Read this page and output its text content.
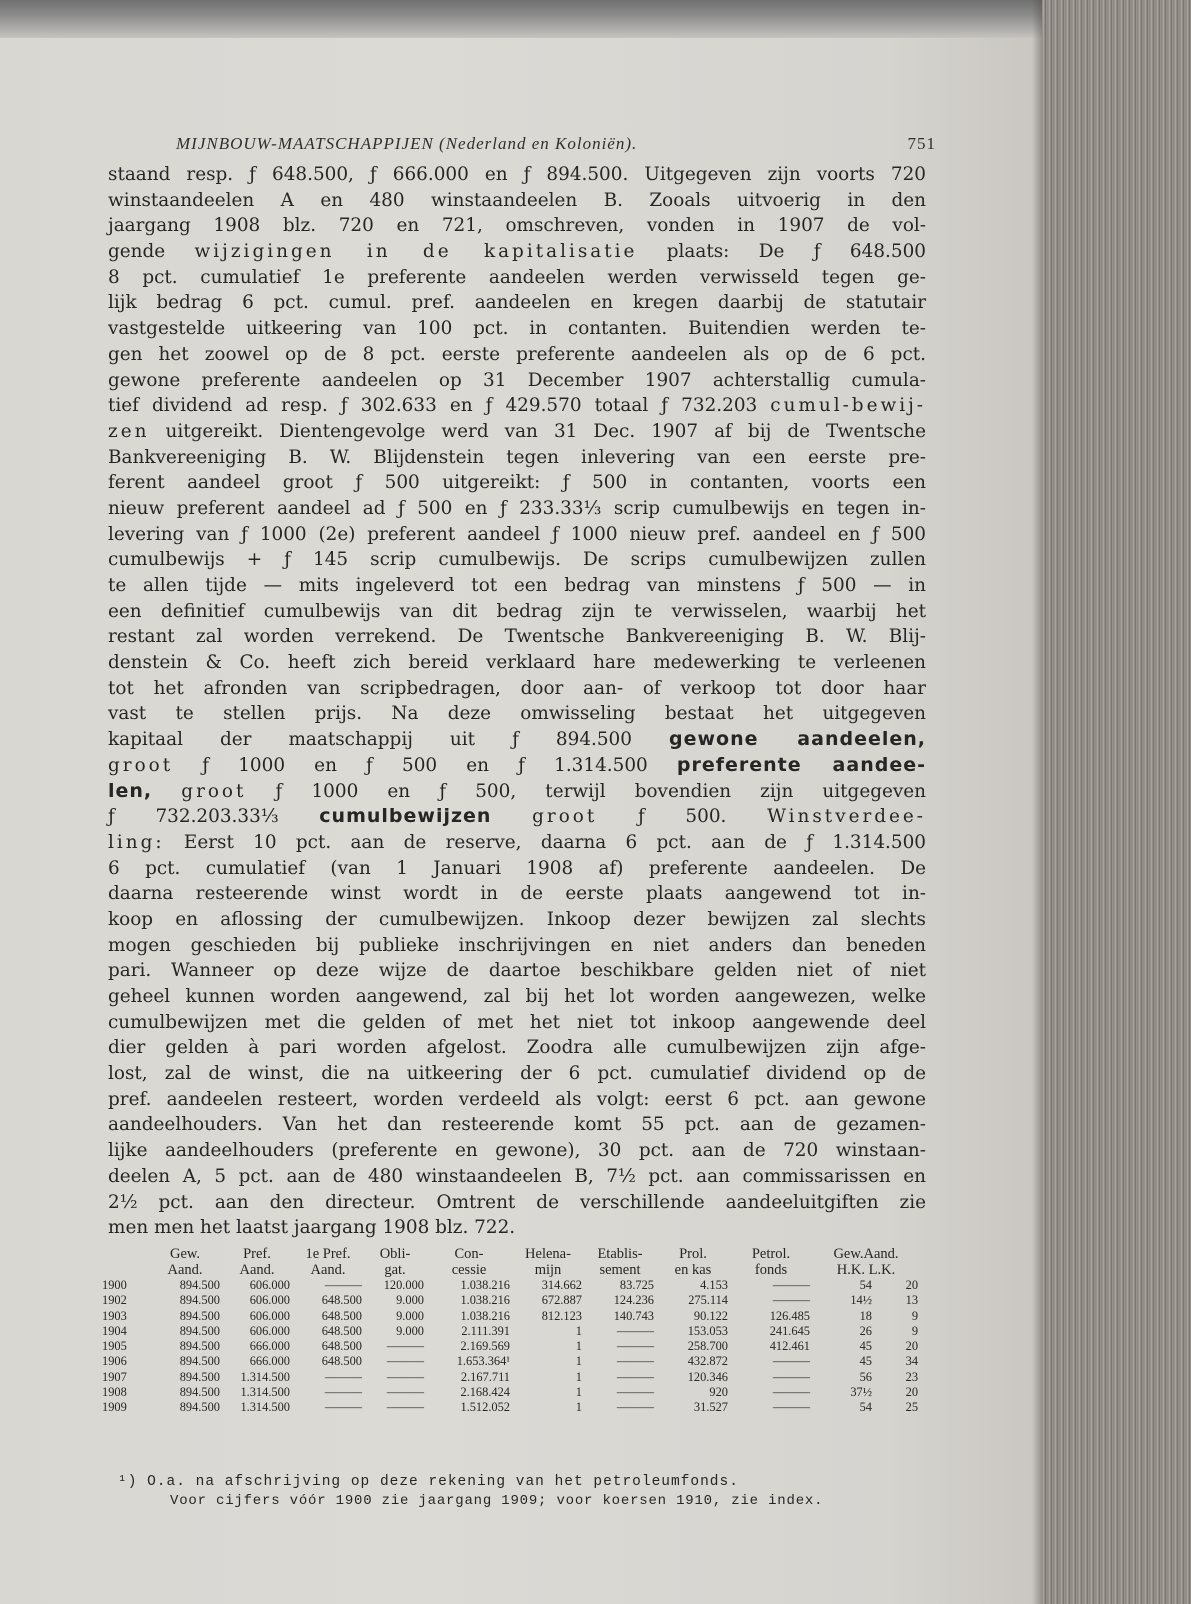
MIJNBOUW-MAATSCHAPPIJEN (Nederland en Koloniën).	751
staand resp. ƒ 648.500, ƒ 666.000 en ƒ 894.500. Uitgegeven zijn voorts 720
winstaandeelen A en 480 winstaandeelen B. Zooals uitvoerig in den
jaargang 1908 blz. 720 en 721, omschreven, vonden in 1907 de vol-
gende wijzigingen in de kapitalisatie plaats: De ƒ 648.500
8 pct. cumulatief 1e preferente aandeelen werden verwisseld tegen ge-
lijk bedrag 6 pct. cumul. pref. aandeelen en kregen daarbij de statutair
vastgestelde uitkeering van 100 pct. in contanten. Buitendien werden te-
gen het zoowel op de 8 pct. eerste preferente aandeelen als op de 6 pct.
gewone preferente aandeelen op 31 December 1907 achterstallig cumula-
tief dividend ad resp. ƒ 302.633 en ƒ 429.570 totaal ƒ 732.203 cumul-bewij-
zen uitgereikt. Dientengevolge werd van 31 Dec. 1907 af bij de Twentsche
Bankvereeniging B. W. Blijdenstein tegen inlevering van een eerste pre-
ferent aandeel groot ƒ 500 uitgereikt: ƒ 500 in contanten, voorts een
nieuw preferent aandeel ad ƒ 500 en ƒ 233.33⅓ scrip cumulbewijs en tegen in-
levering van ƒ 1000 (2e) preferent aandeel ƒ 1000 nieuw pref. aandeel en ƒ 500
cumulbewijs + ƒ 145 scrip cumulbewijs. De scrips cumulbewijzen zullen
te allen tijde — mits ingeleverd tot een bedrag van minstens ƒ 500 — in
een definitief cumulbewijs van dit bedrag zijn te verwisselen, waarbij het
restant zal worden verrekend. De Twentsche Bankvereeniging B. W. Blij-
denstein & Co. heeft zich bereid verklaard hare medewerking te verleenen
tot het afronden van scripbedragen, door aan- of verkoop tot door haar
vast te stellen prijs. Na deze omwisseling bestaat het uitgegeven
kapitaal der maatschappij uit ƒ 894.500 gewone aandeelen,
groot ƒ 1000 en ƒ 500 en ƒ 1.314.500 preferente aandee-
len, groot ƒ 1000 en ƒ 500, terwijl bovendien zijn uitgegeven
ƒ 732.203.33⅓ cumulbewijzen groot ƒ 500. Winstverdee-
ling: Eerst 10 pct. aan de reserve, daarna 6 pct. aan de ƒ 1.314.500
6 pct. cumulatief (van 1 Januari 1908 af) preferente aandeelen. De
daarna resteerende winst wordt in de eerste plaats aangewend tot in-
koop en aflossing der cumulbewijzen. Inkoop dezer bewijzen zal slechts
mogen geschieden bij publieke inschrijvingen en niet anders dan beneden
pari. Wanneer op deze wijze de daartoe beschikbare gelden niet of niet
geheel kunnen worden aangewend, zal bij het lot worden aangewezen, welke
cumulbewijzen met die gelden of met het niet tot inkoop aangewende deel
dier gelden à pari worden afgelost. Zoodra alle cumulbewijzen zijn afge-
lost, zal de winst, die na uitkeering der 6 pct. cumulatief dividend op de
pref. aandeelen resteert, worden verdeeld als volgt: eerst 6 pct. aan gewone
aandeelhouders. Van het dan resteerende komt 55 pct. aan de gezamen-
lijke aandeelhouders (preferente en gewone), 30 pct. aan de 720 winstaan-
deelen A, 5 pct. aan de 480 winstaandeelen B, 7½ pct. aan commissarissen en
2½ pct. aan den directeur. Omtrent de verschillende aandeeluitgiften zie
men men het laatst jaargang 1908 blz. 722.
	Gew.	Pref.	1e Pref.	Obli-	Con-	Helena-	Etablis-	Prol.	Petrol.	Gew.Aand.	
	Aand.	Aand.	Aand.	gat.	cessie	mijn	sement	en kas	fonds	H.K. L.K.	
1900	894.500	606.000	———	120.000	1.038.216	314.662	83.725	4.153	———	54	20
1902	894.500	606.000	648.500	9.000	1.038.216	672.887	124.236	275.114	———	14½	13
1903	894.500	606.000	648.500	9.000	1.038.216	812.123	140.743	90.122	126.485	18	9
1904	894.500	606.000	648.500	9.000	2.111.391	1	———	153.053	241.645	26	9
1905	894.500	666.000	648.500	———	2.169.569	1	———	258.700	412.461	45	20
1906	894.500	666.000	648.500	———	1.653.364¹	1	———	432.872	———	45	34
1907	894.500	1.314.500	———	———	2.167.711	1	———	120.346	———	56	23
1908	894.500	1.314.500	———	———	2.168.424	1	———	920	———	37½	20
1909	894.500	1.314.500	———	———	1.512.052	1	———	31.527	———	54	25
¹) O.a. na afschrijving op deze rekening van het petroleumfonds.
Voor cijfers vóór 1900 zie jaargang 1909; voor koersen 1910, zie index.
